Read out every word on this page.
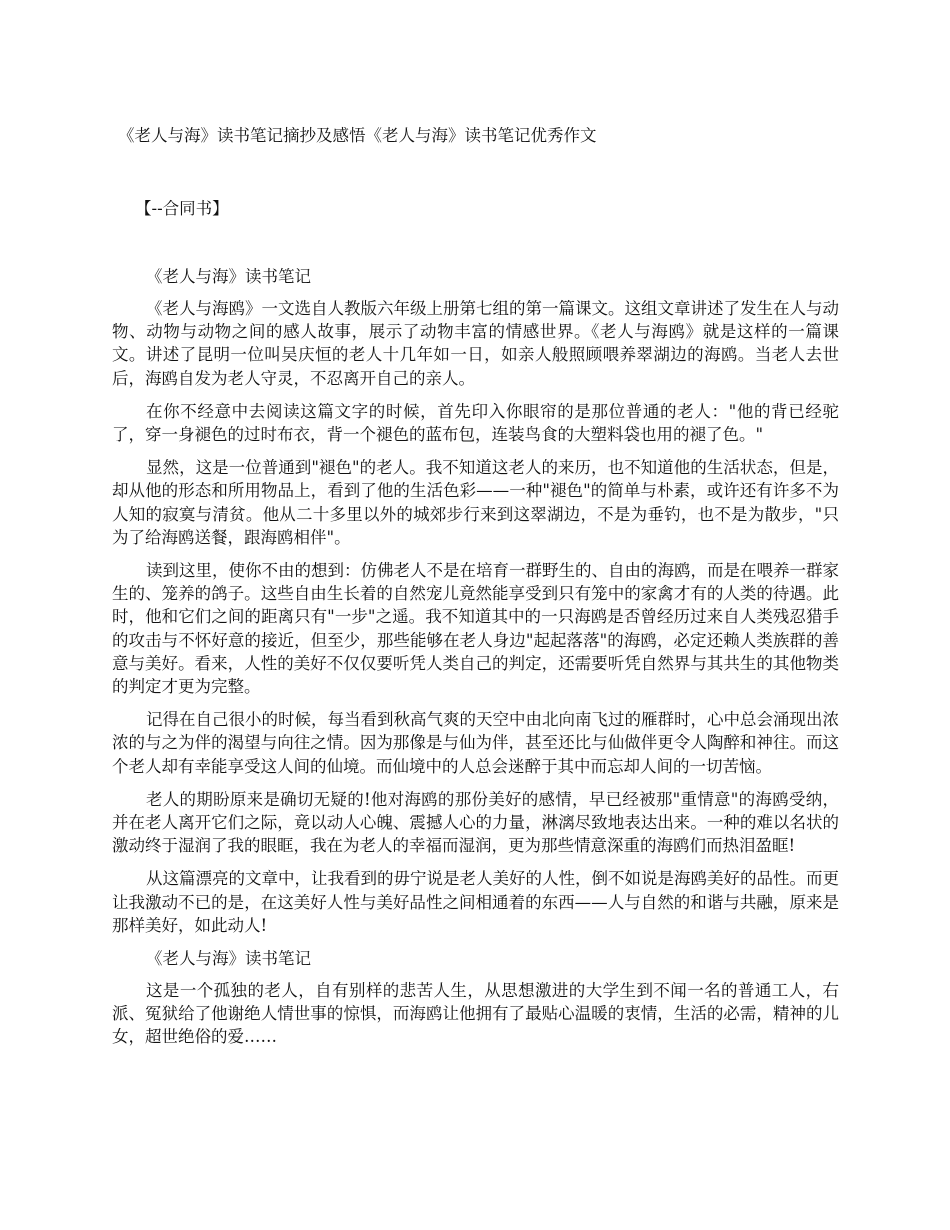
《老人与海》读书笔记摘抄及感悟《老人与海》读书笔记优秀作文

【--合同书】

《老人与海》读书笔记

《老人与海鸥》一文选自人教版六年级上册第七组的第一篇课文。这组文章讲述了发生在人与动物、动物与动物之间的感人故事，展示了动物丰富的情感世界。《老人与海鸥》就是这样的一篇课文。讲述了昆明一位叫吴庆恒的老人十几年如一日，如亲人般照顾喂养翠湖边的海鸥。当老人去世后，海鸥自发为老人守灵，不忍离开自己的亲人。

在你不经意中去阅读这篇文字的时候，首先印入你眼帘的是那位普通的老人："他的背已经驼了，穿一身褪色的过时布衣，背一个褪色的蓝布包，连装鸟食的大塑料袋也用的褪了色。"

显然，这是一位普通到"褪色"的老人。我不知道这老人的来历，也不知道他的生活状态，但是，却从他的形态和所用物品上，看到了他的生活色彩——一种"褪色"的简单与朴素，或许还有许多不为人知的寂寞与清贫。他从二十多里以外的城郊步行来到这翠湖边，不是为垂钓，也不是为散步，"只为了给海鸥送餐，跟海鸥相伴"。

读到这里，使你不由的想到：仿佛老人不是在培育一群野生的、自由的海鸥，而是在喂养一群家生的、笼养的鸽子。这些自由生长着的自然宠儿竟然能享受到只有笼中的家禽才有的人类的待遇。此时，他和它们之间的距离只有"一步"之遥。我不知道其中的一只海鸥是否曾经历过来自人类残忍猎手的攻击与不怀好意的接近，但至少，那些能够在老人身边"起起落落"的海鸥，必定还赖人类族群的善意与美好。看来，人性的美好不仅仅要听凭人类自己的判定，还需要听凭自然界与其共生的其他物类的判定才更为完整。

记得在自己很小的时候，每当看到秋高气爽的天空中由北向南飞过的雁群时，心中总会涌现出浓浓的与之为伴的渴望与向往之情。因为那像是与仙为伴，甚至还比与仙做伴更令人陶醉和神往。而这个老人却有幸能享受这人间的仙境。而仙境中的人总会迷醉于其中而忘却人间的一切苦恼。

老人的期盼原来是确切无疑的!他对海鸥的那份美好的感情，早已经被那"重情意"的海鸥受纳，并在老人离开它们之际，竟以动人心魄、震撼人心的力量，淋漓尽致地表达出来。一种的难以名状的激动终于湿润了我的眼眶，我在为老人的幸福而湿润，更为那些情意深重的海鸥们而热泪盈眶!

从这篇漂亮的文章中，让我看到的毋宁说是老人美好的人性，倒不如说是海鸥美好的品性。而更让我激动不已的是，在这美好人性与美好品性之间相通着的东西——人与自然的和谐与共融，原来是那样美好，如此动人!

《老人与海》读书笔记

这是一个孤独的老人，自有别样的悲苦人生，从思想激进的大学生到不闻一名的普通工人，右派、冤狱给了他谢绝人情世事的惊惧，而海鸥让他拥有了最贴心温暖的衷情，生活的必需，精神的儿女，超世绝俗的爱……
